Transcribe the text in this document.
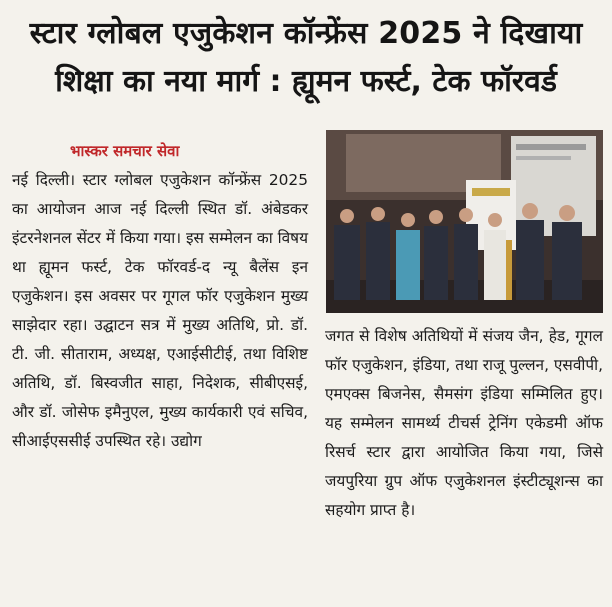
स्टार ग्लोबल एजुकेशन कॉन्फ्रेंस 2025 ने दिखाया
शिक्षा का नया मार्ग : ह्यूमन फर्स्ट, टेक फॉरवर्ड
भास्कर समचार सेवा

नई दिल्ली। स्टार ग्लोबल एजुकेशन कॉन्फ्रेंस 2025 का आयोजन आज नई दिल्ली स्थित डॉ. अंबेडकर इंटरनेशनल सेंटर में किया गया। इस सम्मेलन का विषय था ह्यूमन फर्स्ट, टेक फॉरवर्ड-द न्यू बैलेंस इन एजुकेशन। इस अवसर पर गूगल फॉर एजुकेशन मुख्य साझेदार रहा। उद्घाटन सत्र में मुख्य अतिथि, प्रो. डॉ. टी. जी. सीताराम, अध्यक्ष, एआईसीटीई, तथा विशिष्ट अतिथि, डॉ. बिस्वजीत साहा, निदेशक, सीबीएसई, और डॉ. जोसेफ इमैनुएल, मुख्य कार्यकारी एवं सचिव, सीआईएससीई उपस्थित रहे। उद्योग

जगत से विशेष अतिथियों में संजय जैन, हेड, गूगल फॉर एजुकेशन, इंडिया, तथा राजू पुल्लन, एसवीपी, एमएक्स बिजनेस, सैमसंग इंडिया सम्मिलित हुए। यह सम्मेलन सामर्थ्य टीचर्स ट्रेनिंग एकेडमी ऑफ रिसर्च स्टार द्वारा आयोजित किया गया, जिसे जयपुरिया ग्रुप ऑफ एजुकेशनल इंस्टीट्यूशन्स का सहयोग प्राप्त है।
